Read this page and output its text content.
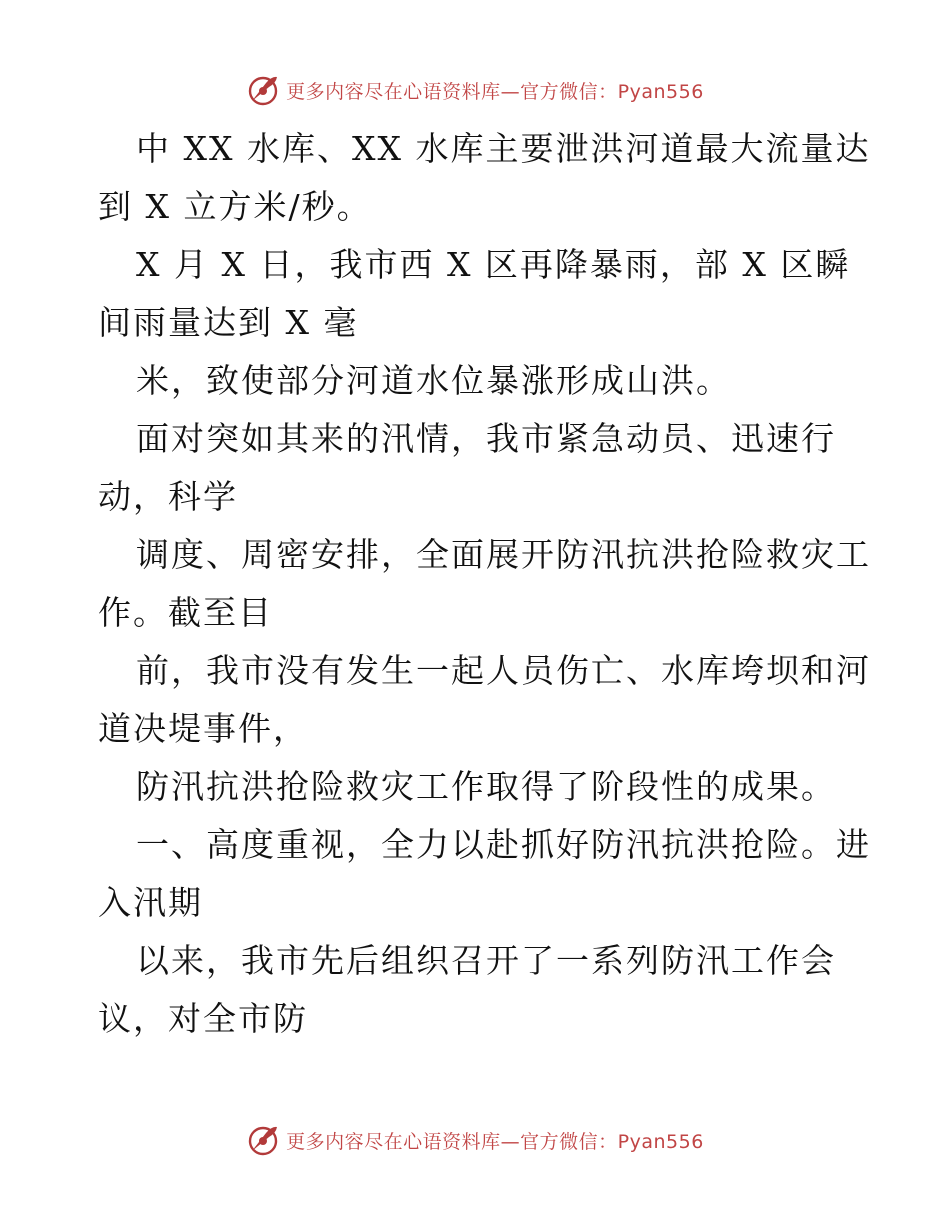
更多内容尽在心语资料库—官方微信：Pyan556
中 XX 水库、XX 水库主要泄洪河道最大流量达
到 X 立方米/秒。
X 月 X 日，我市西 X 区再降暴雨，部 X 区瞬
间雨量达到 X 毫
米，致使部分河道水位暴涨形成山洪。
面对突如其来的汛情，我市紧急动员、迅速行
动，科学
调度、周密安排，全面展开防汛抗洪抢险救灾工
作。截至目
前，我市没有发生一起人员伤亡、水库垮坝和河
道决堤事件，
防汛抗洪抢险救灾工作取得了阶段性的成果。
一、高度重视，全力以赴抓好防汛抗洪抢险。进
入汛期
以来，我市先后组织召开了一系列防汛工作会
议，对全市防
更多内容尽在心语资料库—官方微信：Pyan556
